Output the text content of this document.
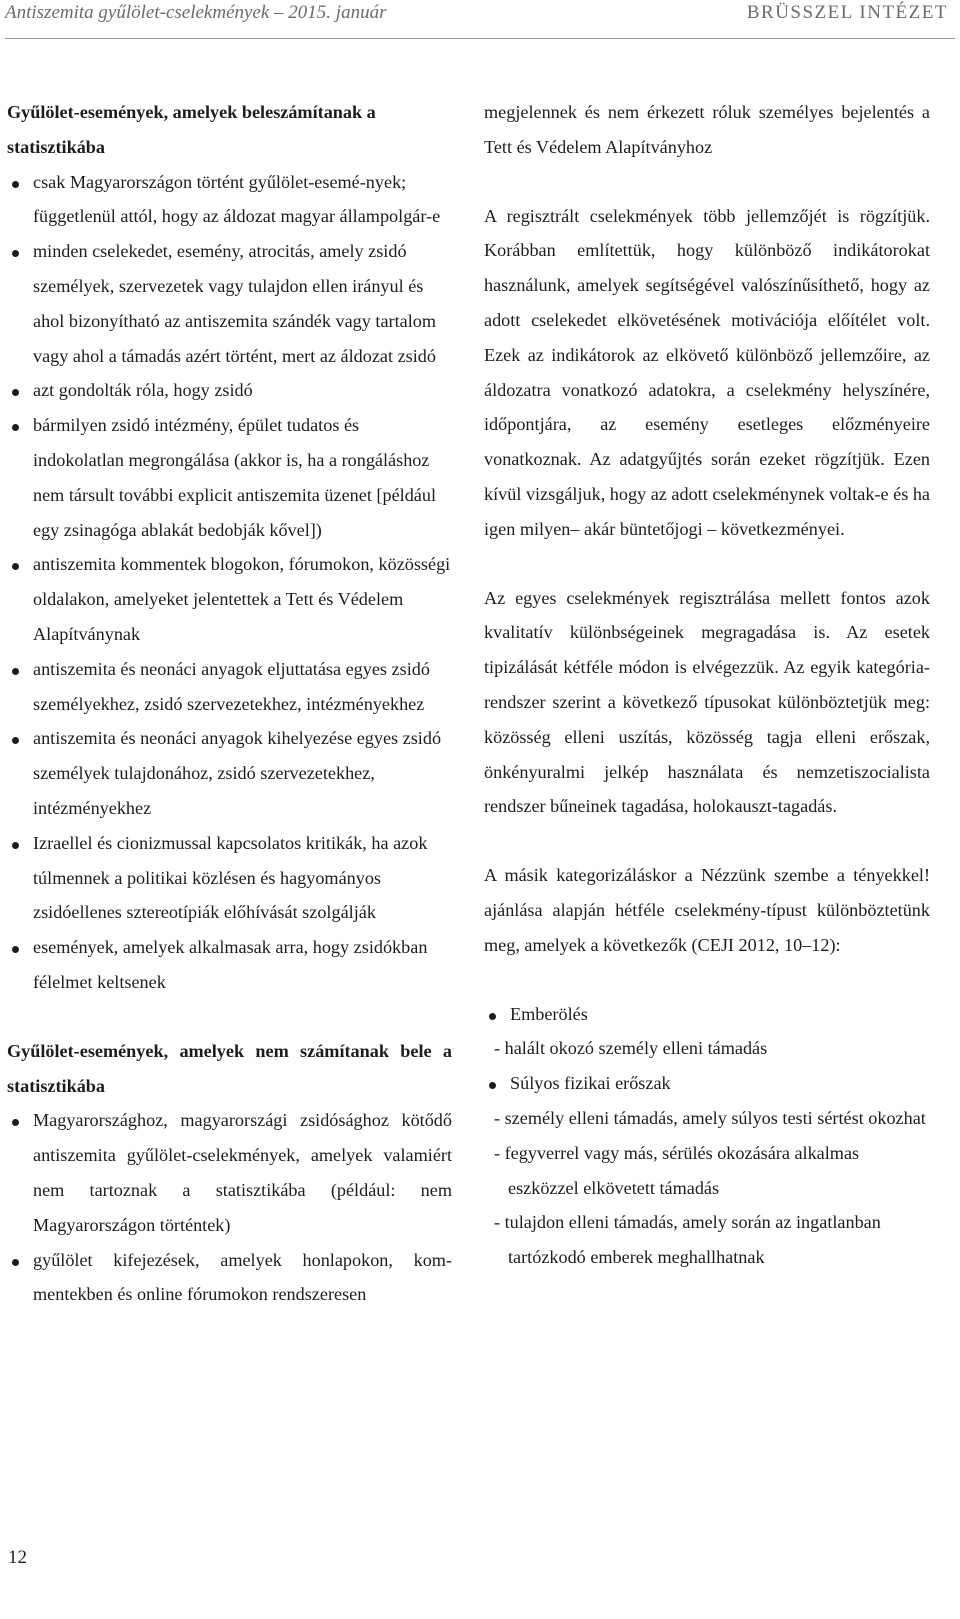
Antiszemita gyűlölet-cselekmények – 2015. január	BRÜSSZEL INTÉZET

Gyűlölet-események, amelyek beleszámítanak a statisztikába

csak Magyarországon történt gyűlölet-esemé-nyek; függetlenül attól, hogy az áldozat magyar állampolgár-e
minden cselekedet, esemény, atrocitás, amely zsidó személyek, szervezetek vagy tulajdon ellen irányul és ahol bizonyítható az antiszemita szándék vagy tartalom vagy ahol a támadás azért történt, mert az áldozat zsidó
azt gondolták róla, hogy zsidó
bármilyen zsidó intézmény, épület tudatos és indokolatlan megrongálása (akkor is, ha a rongáláshoz nem társult további explicit antiszemita üzenet [például egy zsinagóga ablakát bedobják kővel])
antiszemita kommentek blogokon, fórumokon, közösségi oldalakon, amelyeket jelentettek a Tett és Védelem Alapítványnak
antiszemita és neonáci anyagok eljuttatása egyes zsidó személyekhez, zsidó szervezetekhez, intézményekhez
antiszemita és neonáci anyagok kihelyezése egyes zsidó személyek tulajdonához, zsidó szervezetekhez, intézményekhez
Izraellel és cionizmussal kapcsolatos kritikák, ha azok túlmennek a politikai közlésen és hagyományos zsidóellenes sztereotípiák előhívását szolgálják
események, amelyek alkalmasak arra, hogy zsidókban félelmet keltsenek

Gyűlölet-események, amelyek nem számítanak bele a statisztikába

Magyarországhoz, magyarországi zsidósághoz kötődő antiszemita gyűlölet-cselekmények, amelyek valamiért nem tartoznak a statisztikába (például: nem Magyarországon történtek)
gyűlölet kifejezések, amelyek honlapokon, kom-mentekben és online fórumokon rendszeresen

megjelennek és nem érkezett róluk személyes bejelentés a Tett és Védelem Alapítványhoz

A regisztrált cselekmények több jellemzőjét is rögzítjük. Korábban említettük, hogy különböző indikátorokat használunk, amelyek segítségével valószínűsíthető, hogy az adott cselekedet elkövetésének motivációja előítélet volt. Ezek az indikátorok az elkövető különböző jellemzőire, az áldozatra vonatkozó adatokra, a cselekmény helyszínére, időpontjára, az esemény esetleges előzményeire vonatkoznak. Az adatgyűjtés során ezeket rögzítjük. Ezen kívül vizsgáljuk, hogy az adott cselekménynek voltak-e és ha igen milyen– akár büntetőjogi – következményei.

Az egyes cselekmények regisztrálása mellett fontos azok kvalitatív különbségeinek megragadása is. Az esetek tipizálását kétféle módon is elvégezzük. Az egyik kategória-rendszer szerint a következő típusokat különböztetjük meg: közösség elleni uszítás, közösség tagja elleni erőszak, önkényuralmi jelkép használata és nemzetiszocialista rendszer bűneinek tagadása, holokauszt-tagadás.

A másik kategorizáláskor a Nézzünk szembe a tényekkel! ajánlása alapján hétféle cselekmény-típust különböztetünk meg, amelyek a következők (CEJI 2012, 10–12):

Emberölés
- halált okozó személy elleni támadás
Súlyos fizikai erőszak
- személy elleni támadás, amely súlyos testi sértést okozhat
- fegyverrel vagy más, sérülés okozására alkalmas eszközzel elkövetett támadás
- tulajdon elleni támadás, amely során az ingatlanban tartózkodó emberek meghallhatnak
12
